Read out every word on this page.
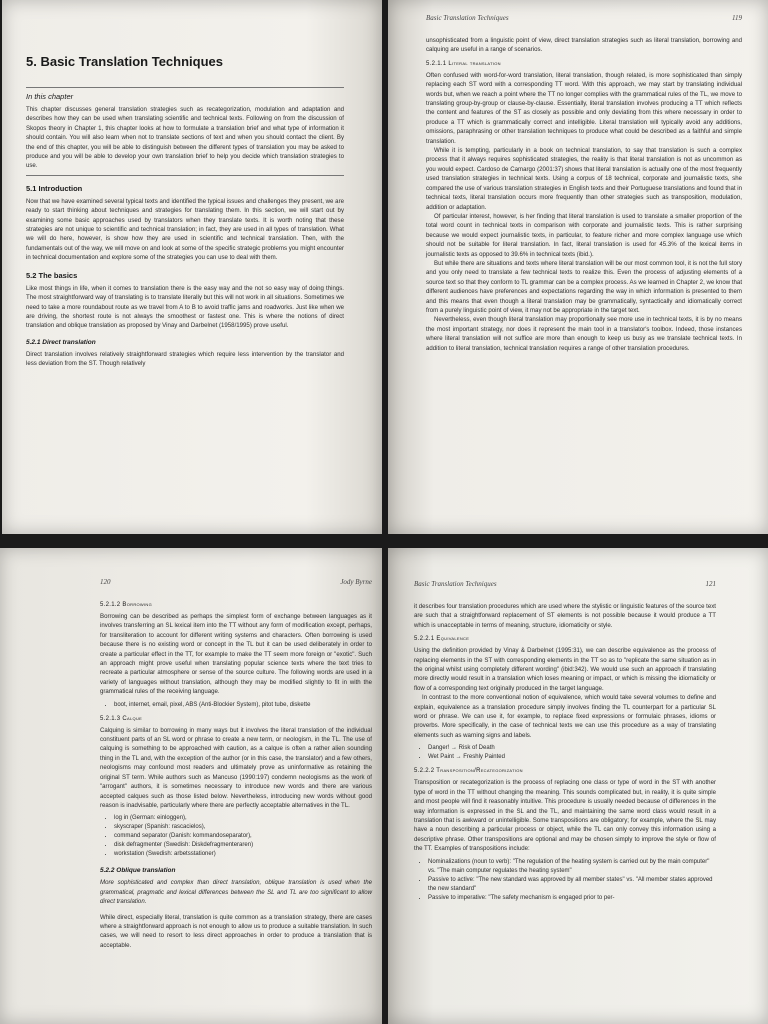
5. Basic Translation Techniques
In this chapter

This chapter discusses general translation strategies such as recategorization, modulation and adaptation and describes how they can be used when translating scientific and technical texts. Following on from the discussion of Skopos theory in Chapter 1, this chapter looks at how to formulate a translation brief and what type of information it should contain. You will also learn when not to translate sections of text and when you should contact the client. By the end of this chapter, you will be able to distinguish between the different types of translation you may be asked to produce and you will be able to develop your own translation brief to help you decide which translation strategies to use.

5.1 Introduction

Now that we have examined several typical texts and identified the typical issues and challenges they present, we are ready to start thinking about techniques and strategies for translating them. In this section, we will start out by examining some basic approaches used by translators when they translate texts. It is worth noting that these strategies are not unique to scientific and technical translation; in fact, they are used in all types of translation. What we will do here, however, is show how they are used in scientific and technical translation. Then, with the fundamentals out of the way, we will move on and look at some of the specific strategic problems you might encounter in technical documentation and explore some of the strategies you can use to deal with them.

5.2 The basics

Like most things in life, when it comes to translation there is the easy way and the not so easy way of doing things. The most straightforward way of translating is to translate literally but this will not work in all situations. Sometimes we need to take a more roundabout route as we travel from A to B to avoid traffic jams and roadworks. Just like when we are driving, the shortest route is not always the smoothest or fastest one. This is where the notions of direct translation and oblique translation as proposed by Vinay and Darbelnet (1958/1995) prove useful.

5.2.1 Direct translation

Direct translation involves relatively straightforward strategies which require less intervention by the translator and less deviation from the ST. Though relatively

Basic Translation Techniques	119

unsophisticated from a linguistic point of view, direct translation strategies such as literal translation, borrowing and calquing are useful in a range of scenarios.

5.2.1.1 Literal translation

Often confused with word-for-word translation, literal translation, though related, is more sophisticated than simply replacing each ST word with a corresponding TT word. With this approach, we may start by translating individual words but, when we reach a point where the TT no longer complies with the grammatical rules of the TL, we move to translating group-by-group or clause-by-clause. Essentially, literal translation involves producing a TT which reflects the content and features of the ST as closely as possible and only deviating from this where necessary in order to produce a TT which is grammatically correct and intelligible. Literal translation will typically avoid any additions, omissions, paraphrasing or other translation techniques to produce what could be described as a faithful and simple translation.

While it is tempting, particularly in a book on technical translation, to say that translation is such a complex process that it always requires sophisticated strategies, the reality is that literal translation is not as uncommon as you would expect. Cardoso de Camargo (2001:37) shows that literal translation is actually one of the most frequently used translation strategies in technical texts. Using a corpus of 18 technical, corporate and journalistic texts, she compared the use of various translation strategies in English texts and their Portuguese translations and found that in technical texts, literal translation occurs more frequently than other strategies such as transposition, modulation, addition or adaptation.

Of particular interest, however, is her finding that literal translation is used to translate a smaller proportion of the total word count in technical texts in comparison with corporate and journalistic texts. This is rather surprising because we would expect journalistic texts, in particular, to feature richer and more complex language use which should not be suitable for literal translation. In fact, literal translation is used for 45.3% of the lexical items in journalistic texts as opposed to 39.6% in technical texts (ibid.).

But while there are situations and texts where literal translation will be our most common tool, it is not the full story and you only need to translate a few technical texts to realize this. Even the process of adjusting elements of a source text so that they conform to TL grammar can be a complex process. As we learned in Chapter 2, we know that different audiences have preferences and expectations regarding the way in which information is presented to them and this means that even though a literal translation may be grammatically, syntactically and idiomatically correct from a purely linguistic point of view, it may not be appropriate in the target text.

Nevertheless, even though literal translation may proportionally see more use in technical texts, it is by no means the most important strategy, nor does it represent the main tool in a translator's toolbox. Indeed, those instances where literal translation will not suffice are more than enough to keep us busy as we translate technical texts. In addition to literal translation, technical translation requires a range of other translation procedures.

120	Jody Byrne
5.2.1.2 Borrowing

Borrowing can be described as perhaps the simplest form of exchange between languages as it involves transferring an SL lexical item into the TT without any form of modification except, perhaps, for transliteration to account for different writing systems and characters. Often borrowing is used because there is no existing word or concept in the TL but it can be used deliberately in order to create a particular effect in the TT, for example to make the TT seem more foreign or "exotic". Such an approach might prove useful when translating popular science texts where the text tries to recreate a particular atmosphere or sense of the source culture. The following words are used in a variety of languages without translation, although they may be modified slightly to fit in with the grammatical rules of the receiving language.

• boot, internet, email, pixel, ABS (Anti-Blockier System), pitot tube, diskette
5.2.1.3 Calque

Calquing is similar to borrowing in many ways but it involves the literal translation of the individual constituent parts of an SL word or phrase to create a new term, or neologism, in the TL. The use of calquing is something to be approached with caution, as a calque is often a rather alien sounding thing in the TL and, with the exception of the author (or in this case, the translator) and a few others, neologisms may confound most readers and ultimately prove as uninformative as retaining the original ST term. While authors such as Mancuso (1990:197) condemn neologisms as the work of "arrogant" authors, it is sometimes necessary to introduce new words and there are various accepted calques such as those listed below. Nevertheless, introducing new words without good reason is inadvisable, particularly where there are perfectly acceptable alternatives in the TL.

• log in (German: einloggen),
• skyscraper (Spanish: rascacielos),
• command separator (Danish: kommandoseparator),
• disk defragmenter (Swedish: Diskdefragmenteraren)
• workstation (Swedish: arbetsstationer)
5.2.2 Oblique translation

More sophisticated and complex than direct translation, oblique translation is used when the grammatical, pragmatic and lexical differences between the SL and TL are too significant to allow direct translation.

While direct, especially literal, translation is quite common as a translation strategy, there are cases where a straightforward approach is not enough to allow us to produce a suitable translation. In such cases, we will need to resort to less direct approaches in order to produce a translation that is acceptable.

Basic Translation Techniques	121

it describes four translation procedures which are used where the stylistic or linguistic features of the source text are such that a straightforward replacement of ST elements is not possible because it would produce a TT which is unacceptable in terms of meaning, structure, idiomaticity or style.

5.2.2.1 Equivalence

Using the definition provided by Vinay & Darbelnet (1995:31), we can describe equivalence as the process of replacing elements in the ST with corresponding elements in the TT so as to "replicate the same situation as in the original whilst using completely different wording" (ibid:342). We would use such an approach if translating more directly would result in a translation which loses meaning or impact, or which is missing the idiomaticity or flow of a corresponding text originally produced in the target language.

In contrast to the more conventional notion of equivalence, which would take several volumes to define and explain, equivalence as a translation procedure simply involves finding the TL counterpart for a particular SL word or phrase. We can use it, for example, to replace fixed expressions or formulaic phrases, idioms or proverbs. More specifically, in the case of technical texts we can use this procedure as a way of translating elements such as warning signs and labels.

• Danger! → Risk of Death
• Wet Paint → Freshly Painted
5.2.2.2 Transposition/Recategorization

Transposition or recategorization is the process of replacing one class or type of word in the ST with another type of word in the TT without changing the meaning. This sounds complicated but, in reality, it is quite simple and most people will find it reasonably intuitive. This procedure is usually needed because of differences in the way information is expressed in the SL and the TL, and maintaining the same word class would result in a translation that is awkward or unintelligible. Some transpositions are obligatory; for example, where the SL may have a noun describing a particular process or object, while the TL can only convey this information using a descriptive phrase. Other transpositions are optional and may be chosen simply to improve the style or flow of the TT. Examples of transpositions include:

• Nominalizations (noun to verb): "The regulation of the heating system is carried out by the main computer" vs. "The main computer regulates the heating system"
• Passive to active: "The new standard was approved by all member states" vs. "All member states approved the new standard"
• Passive to imperative: "The safety mechanism is engaged prior to per-
